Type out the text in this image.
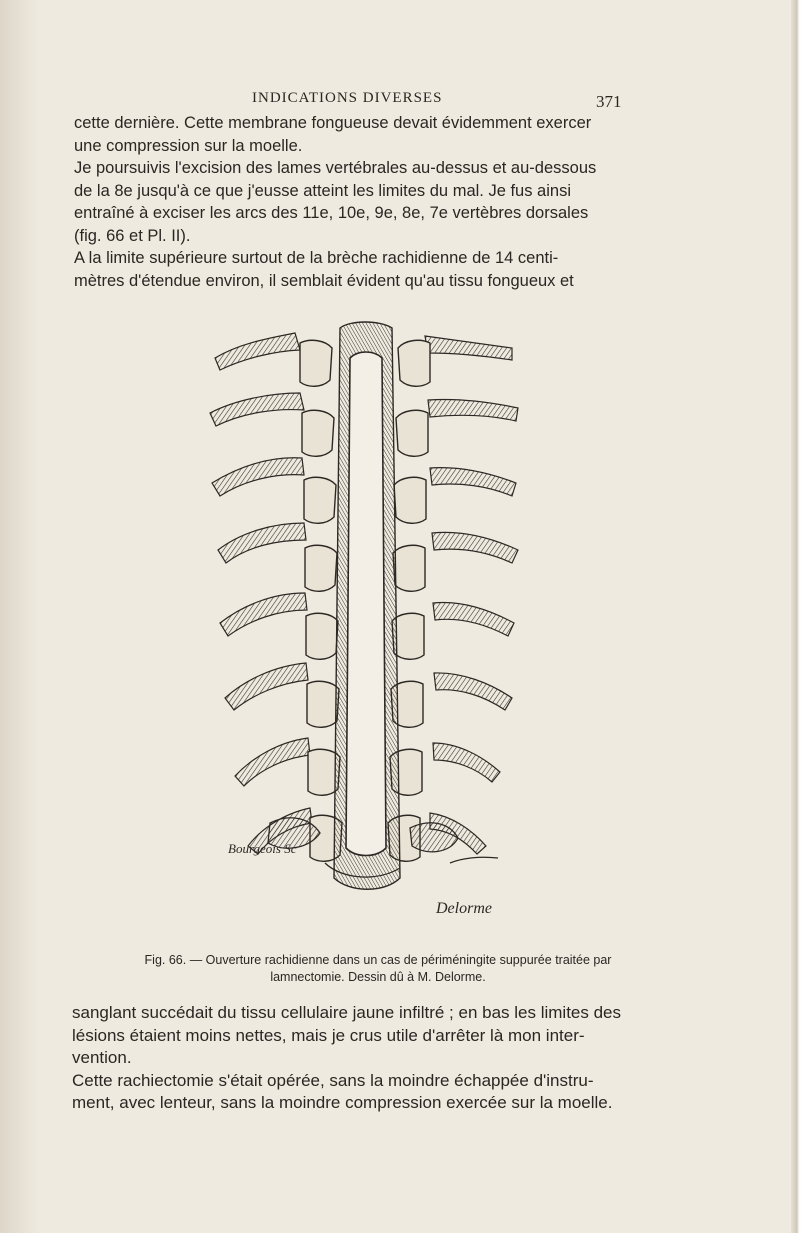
INDICATIONS DIVERSES	371

cette dernière. Cette membrane fongueuse devait évidemment exercer

une compression sur la moelle.

Je poursuivis l'excision des lames vertébrales au-dessus et au-dessous

de la 8e jusqu'à ce que j'eusse atteint les limites du mal. Je fus ainsi

entraîné à exciser les arcs des 11e, 10e, 9e, 8e, 7e vertèbres dorsales

(fig. 66 et Pl. II).

A la limite supérieure surtout de la brèche rachidienne de 14 centi-

mètres d'étendue environ, il semblait évident qu'au tissu fongueux et

Bourgeois Sc
Delorme
Fig. 66. — Ouverture rachidienne dans un cas de périméningite suppurée traitée par
lamnectomie. Dessin dû à M. Delorme.

sanglant succédait du tissu cellulaire jaune infiltré ; en bas les limites des

lésions étaient moins nettes, mais je crus utile d'arrêter là mon inter-

vention.

Cette rachiectomie s'était opérée, sans la moindre échappée d'instru-

ment, avec lenteur, sans la moindre compression exercée sur la moelle.
